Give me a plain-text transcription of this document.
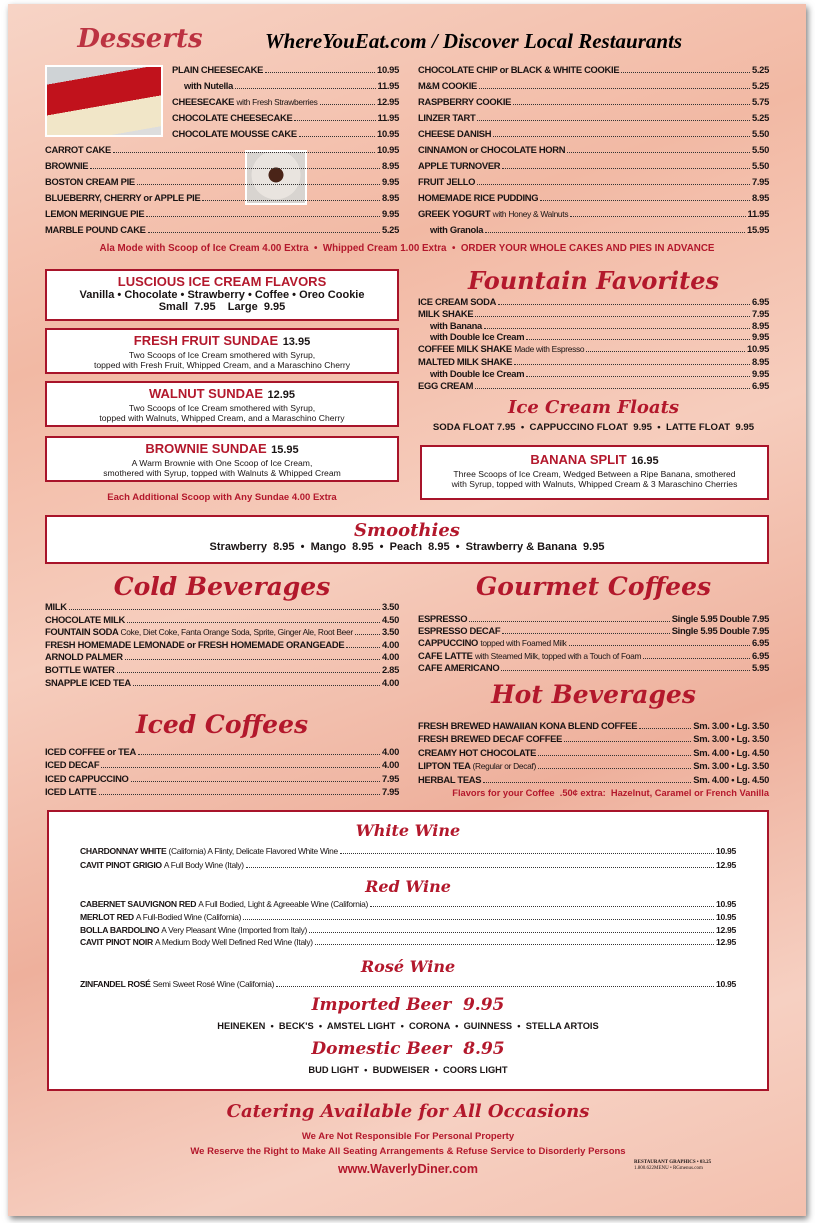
Desserts	WhereYouEat.com / Discover Local Restaurants
PLAIN CHEESECAKE	10.95
with Nutella	11.95
CHEESECAKE with Fresh Strawberries	12.95
CHOCOLATE CHEESECAKE	11.95
CHOCOLATE MOUSSE CAKE	10.95
CARROT CAKE	10.95
BROWNIE	8.95
BOSTON CREAM PIE	9.95
BLUEBERRY, CHERRY or APPLE PIE	8.95
LEMON MERINGUE PIE	9.95
MARBLE POUND CAKE	5.25
CHOCOLATE CHIP or BLACK & WHITE COOKIE	5.25
M&M COOKIE	5.25
RASPBERRY COOKIE	5.75
LINZER TART	5.25
CHEESE DANISH	5.50
CINNAMON or CHOCOLATE HORN	5.50
APPLE TURNOVER	5.50
FRUIT JELLO	7.95
HOMEMADE RICE PUDDING	8.95
GREEK YOGURT with Honey & Walnuts	11.95
with Granola	15.95
Ala Mode with Scoop of Ice Cream 4.00 Extra  •  Whipped Cream 1.00 Extra  •  ORDER YOUR WHOLE CAKES AND PIES IN ADVANCE
LUSCIOUS ICE CREAM FLAVORS
Vanilla • Chocolate • Strawberry • Coffee • Oreo Cookie
Small  7.95    Large  9.95
FRESH FRUIT SUNDAE 13.95
Two Scoops of Ice Cream smothered with Syrup,
topped with Fresh Fruit, Whipped Cream, and a Maraschino Cherry
WALNUT SUNDAE 12.95
Two Scoops of Ice Cream smothered with Syrup,
topped with Walnuts, Whipped Cream, and a Maraschino Cherry
BROWNIE SUNDAE 15.95
A Warm Brownie with One Scoop of Ice Cream,
smothered with Syrup, topped with Walnuts & Whipped Cream
Each Additional Scoop with Any Sundae 4.00 Extra
Fountain Favorites
ICE CREAM SODA	6.95
MILK SHAKE	7.95
with Banana	8.95
with Double Ice Cream	9.95
COFFEE MILK SHAKE Made with Espresso	10.95
MALTED MILK SHAKE	8.95
with Double Ice Cream	9.95
EGG CREAM	6.95
Ice Cream Floats
SODA FLOAT 7.95  •  CAPPUCCINO FLOAT  9.95  •  LATTE FLOAT  9.95
BANANA SPLIT 16.95
Three Scoops of Ice Cream, Wedged Between a Ripe Banana, smothered
with Syrup, topped with Walnuts, Whipped Cream & 3 Maraschino Cherries
Smoothies
Strawberry  8.95  •  Mango  8.95  •  Peach  8.95  •  Strawberry & Banana  9.95
Cold Beverages
MILK	3.50
CHOCOLATE MILK	4.50
FOUNTAIN SODA Coke, Diet Coke, Fanta Orange Soda, Sprite, Ginger Ale, Root Beer	3.50
FRESH HOMEMADE LEMONADE or FRESH HOMEMADE ORANGEADE	4.00
ARNOLD PALMER	4.00
BOTTLE WATER	2.85
SNAPPLE ICED TEA	4.00
Iced Coffees
ICED COFFEE or TEA	4.00
ICED DECAF	4.00
ICED CAPPUCCINO	7.95
ICED LATTE	7.95
Gourmet Coffees
ESPRESSO	Single 5.95 Double 7.95
ESPRESSO DECAF	Single 5.95 Double 7.95
CAPPUCCINO topped with Foamed Milk	6.95
CAFE LATTE with Steamed Milk, topped with a Touch of Foam	6.95
CAFE AMERICANO	5.95
Hot Beverages
FRESH BREWED HAWAIIAN KONA BLEND COFFEE	Sm. 3.00 • Lg. 3.50
FRESH BREWED DECAF COFFEE	Sm. 3.00 • Lg. 3.50
CREAMY HOT CHOCOLATE	Sm. 4.00 • Lg. 4.50
LIPTON TEA (Regular or Decaf)	Sm. 3.00 • Lg. 3.50
HERBAL TEAS	Sm. 4.00 • Lg. 4.50
Flavors for your Coffee  .50¢ extra:  Hazelnut, Caramel or French Vanilla
White Wine
CHARDONNAY WHITE (California) A Flinty, Delicate Flavored White Wine	10.95
CAVIT PINOT GRIGIO A Full Body Wine (Italy)	12.95
Red Wine
CABERNET SAUVIGNON RED A Full Bodied, Light & Agreeable Wine (California)	10.95
MERLOT RED A Full-Bodied Wine (California)	10.95
BOLLA BARDOLINO A Very Pleasant Wine (Imported from Italy)	12.95
CAVIT PINOT NOIR A Medium Body Well Defined Red Wine (Italy)	12.95
Rosé Wine
ZINFANDEL ROSÉ Semi Sweet Rosé Wine (California)	10.95
Imported Beer  9.95
HEINEKEN  •  BECK'S  •  AMSTEL LIGHT  •  CORONA  •  GUINNESS  •  STELLA ARTOIS
Domestic Beer  8.95
BUD LIGHT  •  BUDWEISER  •  COORS LIGHT
Catering Available for All Occasions
We Are Not Responsible For Personal Property
We Reserve the Right to Make All Seating Arrangements & Refuse Service to Disorderly Persons
www.WaverlyDiner.com	RESTAURANT GRAPHICS • 03.25
1.800.622MENU • RGmenus.com
